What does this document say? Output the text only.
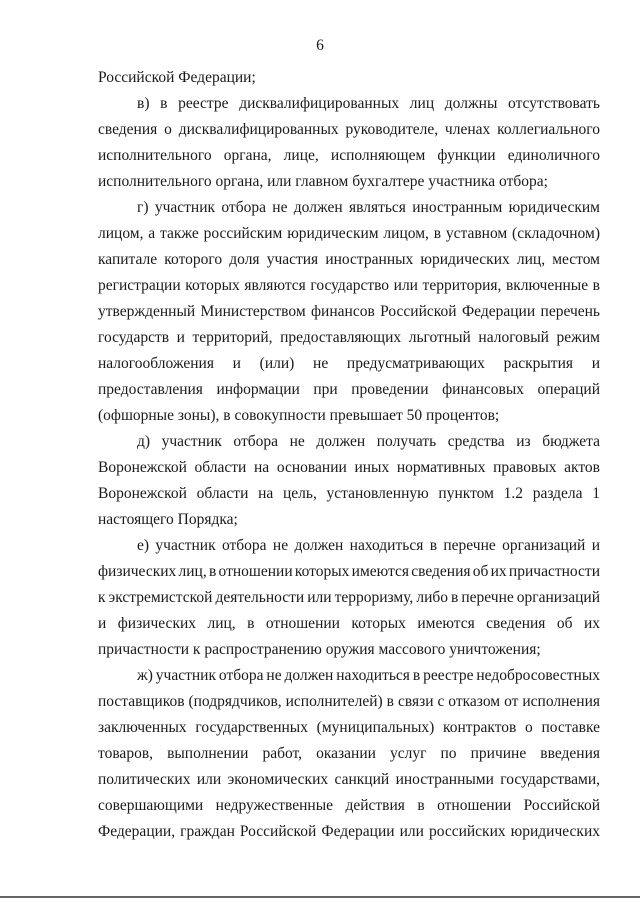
6
Российской Федерации;
в) в реестре дисквалифицированных лиц должны отсутствовать
сведения о дисквалифицированных руководителе, членах коллегиального
исполнительного органа, лице, исполняющем функции единоличного
исполнительного органа, или главном бухгалтере участника отбора;
г) участник отбора не должен являться иностранным юридическим
лицом, а также российским юридическим лицом, в уставном (складочном)
капитале которого доля участия иностранных юридических лиц, местом
регистрации которых являются государство или территория, включенные в
утвержденный Министерством финансов Российской Федерации перечень
государств и территорий, предоставляющих льготный налоговый режим
налогообложения и (или) не предусматривающих раскрытия и
предоставления информации при проведении финансовых операций
(офшорные зоны), в совокупности превышает 50 процентов;
д) участник отбора не должен получать средства из бюджета
Воронежской области на основании иных нормативных правовых актов
Воронежской области на цель, установленную пунктом 1.2 раздела 1
настоящего Порядка;
е) участник отбора не должен находиться в перечне организаций и
физических лиц, в отношении которых имеются сведения об их причастности
к экстремистской деятельности или терроризму, либо в перечне организаций
и физических лиц, в отношении которых имеются сведения об их
причастности к распространению оружия массового уничтожения;
ж) участник отбора не должен находиться в реестре недобросовестных
поставщиков (подрядчиков, исполнителей) в связи с отказом от исполнения
заключенных государственных (муниципальных) контрактов о поставке
товаров, выполнении работ, оказании услуг по причине введения
политических или экономических санкций иностранными государствами,
совершающими недружественные действия в отношении Российской
Федерации, граждан Российской Федерации или российских юридических
